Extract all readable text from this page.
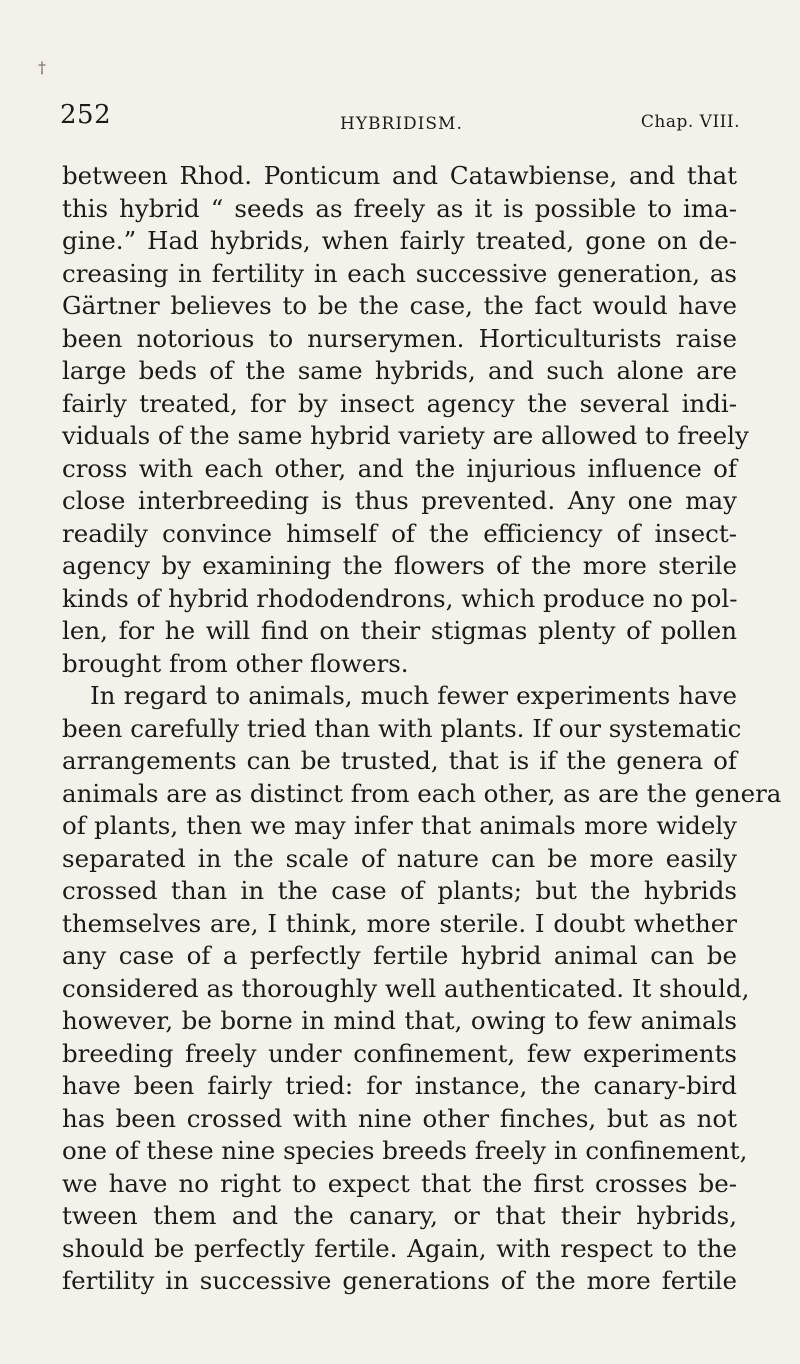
†
252	HYBRIDISM.	Chap. VIII.
between Rhod. Ponticum and Catawbiense, and that
this hybrid “ seeds as freely as it is possible to ima-
gine.” Had hybrids, when fairly treated, gone on de-
creasing in fertility in each successive generation, as
Gärtner believes to be the case, the fact would have
been notorious to nurserymen. Horticulturists raise
large beds of the same hybrids, and such alone are
fairly treated, for by insect agency the several indi-
viduals of the same hybrid variety are allowed to freely
cross with each other, and the injurious influence of
close interbreeding is thus prevented. Any one may
readily convince himself of the efficiency of insect-
agency by examining the flowers of the more sterile
kinds of hybrid rhododendrons, which produce no pol-
len, for he will find on their stigmas plenty of pollen
brought from other flowers.
In regard to animals, much fewer experiments have
been carefully tried than with plants. If our systematic
arrangements can be trusted, that is if the genera of
animals are as distinct from each other, as are the genera
of plants, then we may infer that animals more widely
separated in the scale of nature can be more easily
crossed than in the case of plants; but the hybrids
themselves are, I think, more sterile. I doubt whether
any case of a perfectly fertile hybrid animal can be
considered as thoroughly well authenticated. It should,
however, be borne in mind that, owing to few animals
breeding freely under confinement, few experiments
have been fairly tried: for instance, the canary-bird
has been crossed with nine other finches, but as not
one of these nine species breeds freely in confinement,
we have no right to expect that the first crosses be-
tween them and the canary, or that their hybrids,
should be perfectly fertile. Again, with respect to the
fertility in successive generations of the more fertile
